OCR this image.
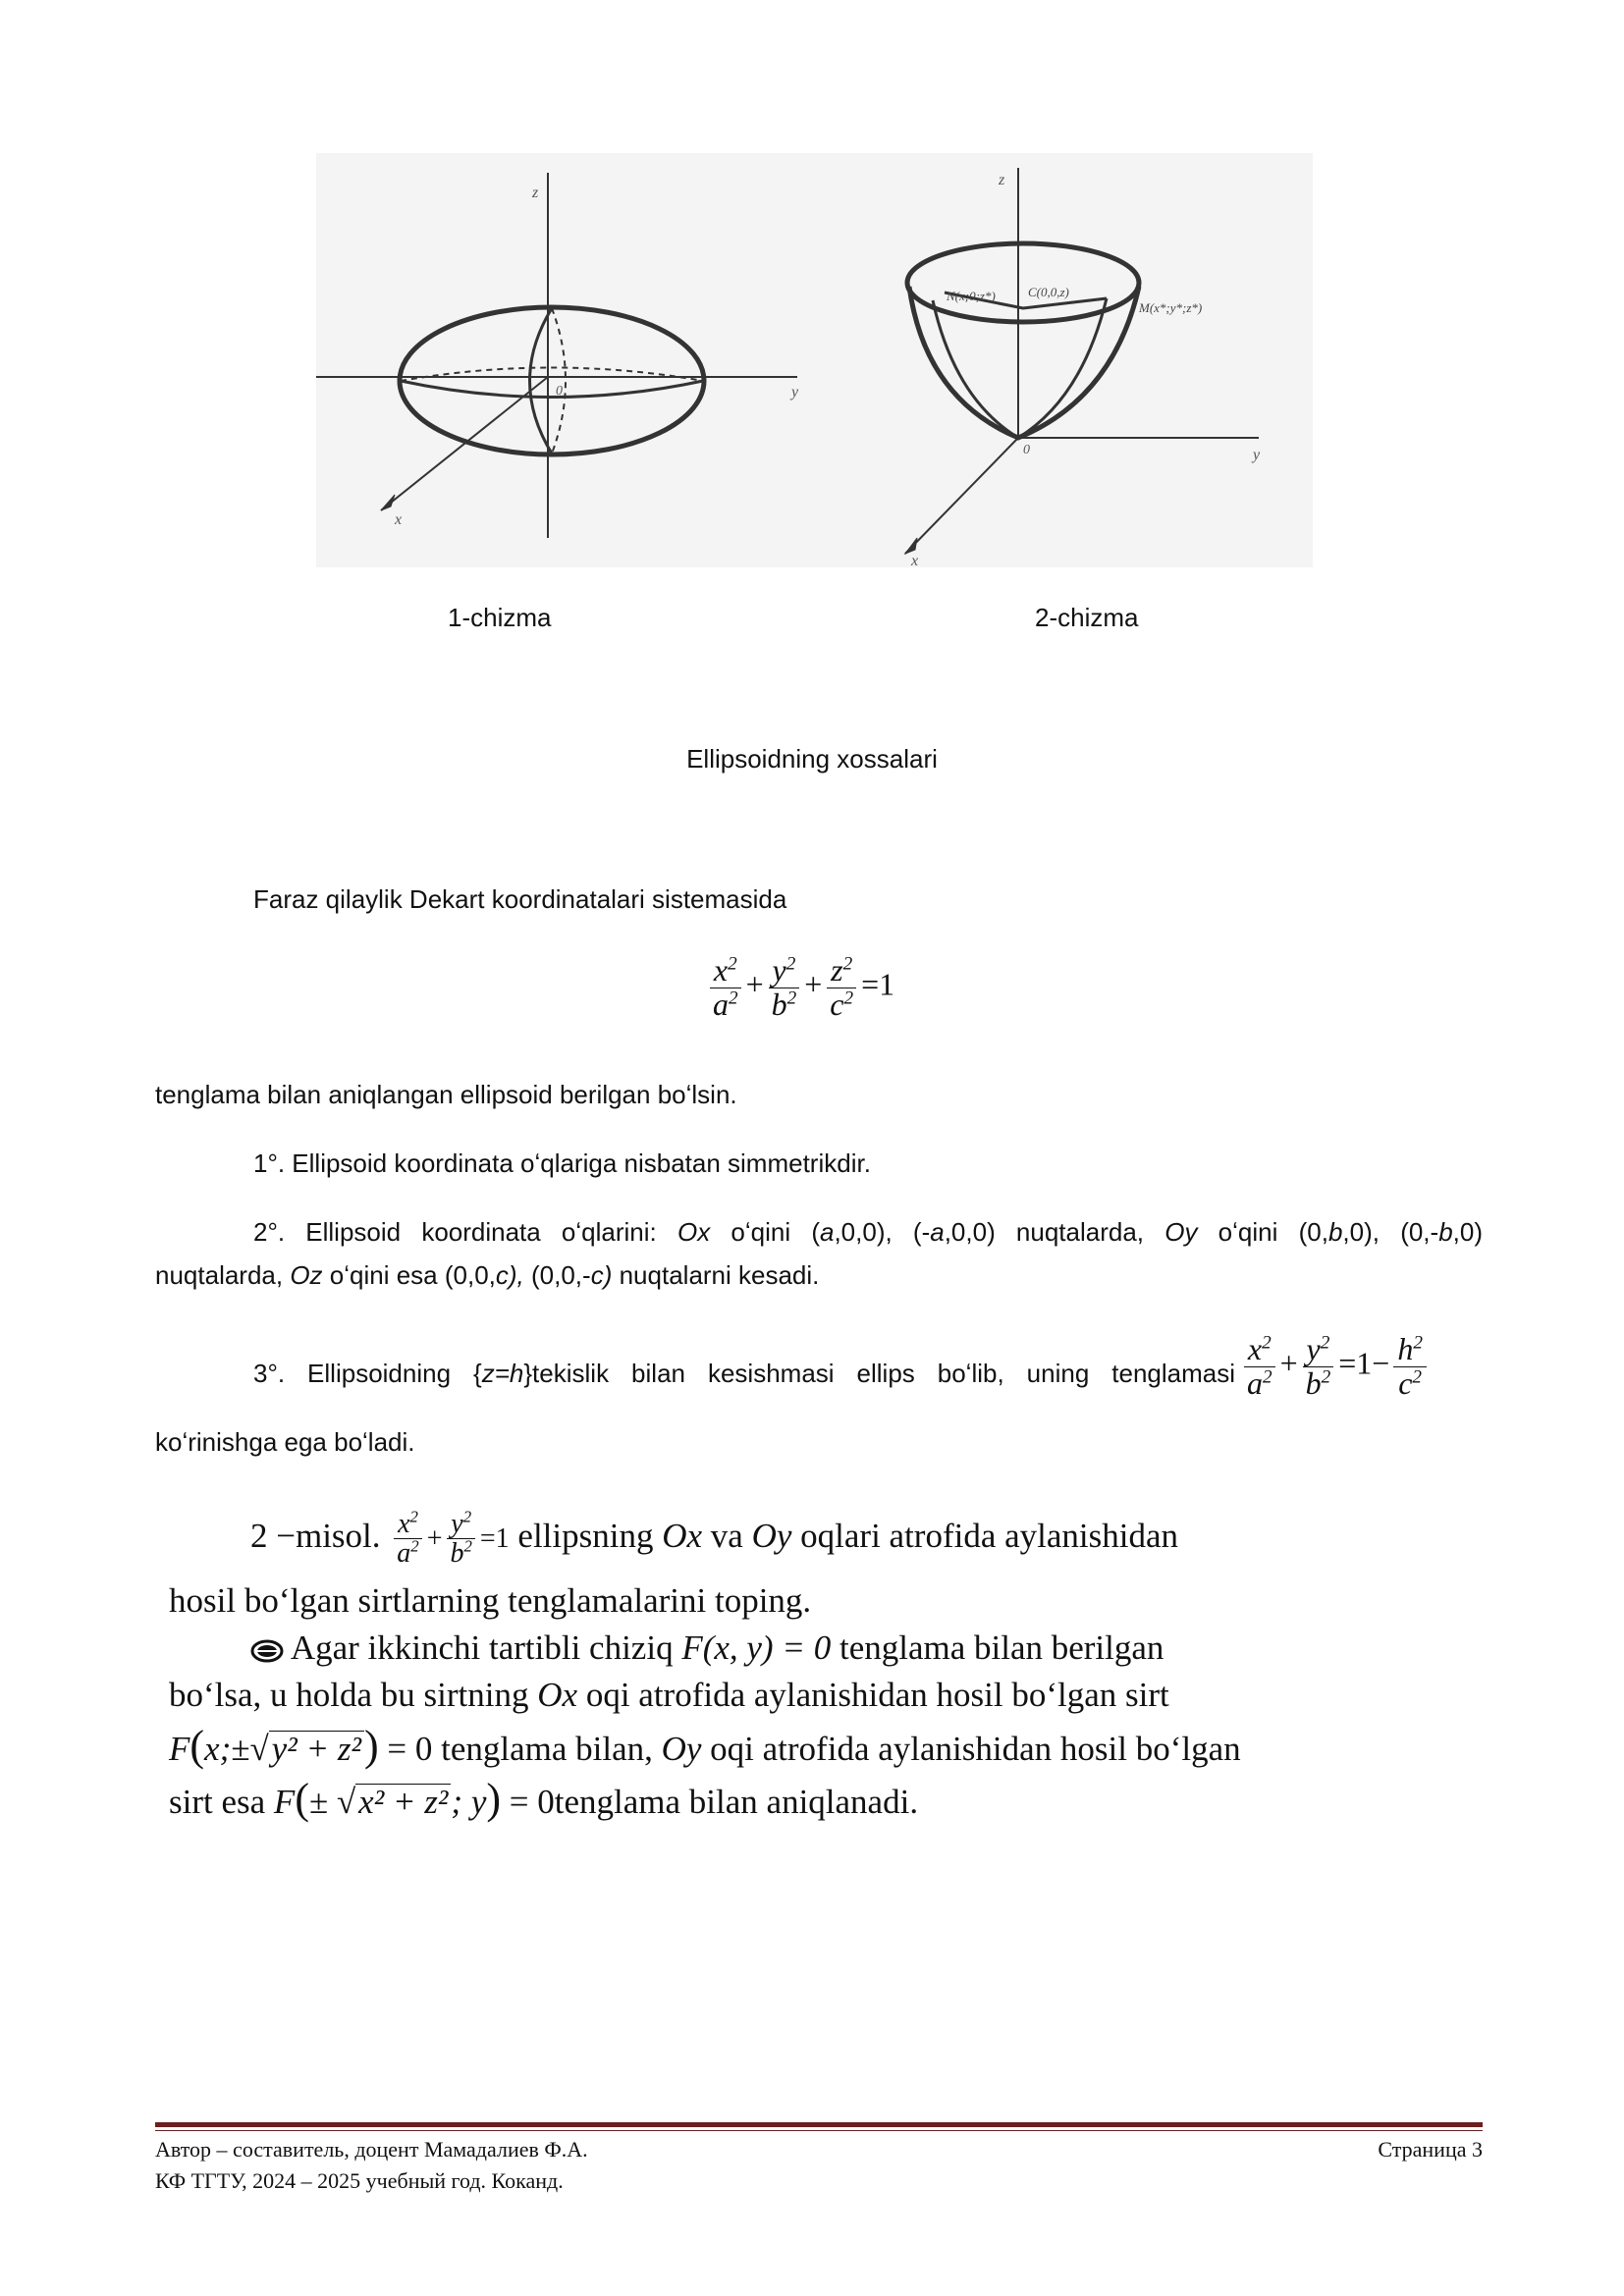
z
y
x
0
z
y
x
0
N(x;0;z*)	C(0,0,z)
M(x*;y*;z*)
1-chizma	2-chizma
Ellipsoidning xossalari
Faraz qilaylik Dekart koordinatalari sistemasida
$\frac{x^2}{a^2} + \frac{y^2}{b^2} + \frac{z^2}{c^2} =1$
tenglama bilan aniqlangan ellipsoid berilgan boʻlsin.
1°. Ellipsoid koordinata oʻqlariga nisbatan simmetrikdir.
2°. Ellipsoid koordinata oʻqlarini: Ox oʻqini (a,0,0), (-a,0,0) nuqtalarda, Oy oʻqini (0,b,0), (0,-b,0)
nuqtalarda, Oz oʻqini esa (0,0,c), (0,0,-c) nuqtalarni kesadi.
3°. Ellipsoidning {z=h}tekislik bilan kesishmasi ellips boʻlib, uning tenglamasi $\frac{x^2}{a^2} + \frac{y^2}{b^2} =1- \frac{h^2}{c^2}$
koʻrinishga ega boʻladi.
2 −misol. $\frac{x^2}{a^2} + \frac{y^2}{b^2} =1$ ellipsning Ox va Oy oqlari atrofida aylanishidan
hosil boʻlgan sirtlarning tenglamalarini toping.
Agar ikkinchi tartibli chiziq F(x, y) = 0 tenglama bilan berilgan
boʻlsa, u holda bu sirtning Ox oqi atrofida aylanishidan hosil boʻlgan sirt
F(x;±√y² + z²) = 0 tenglama bilan, Oy oqi atrofida aylanishidan hosil boʻlgan
sirt esa F(± √x² + z²; y) = 0tenglama bilan aniqlanadi.
Автор – составитель, доцент Мамадалиев Ф.А.
КФ ТГТУ, 2024 – 2025 учебный год. Коканд.
Страница 3
